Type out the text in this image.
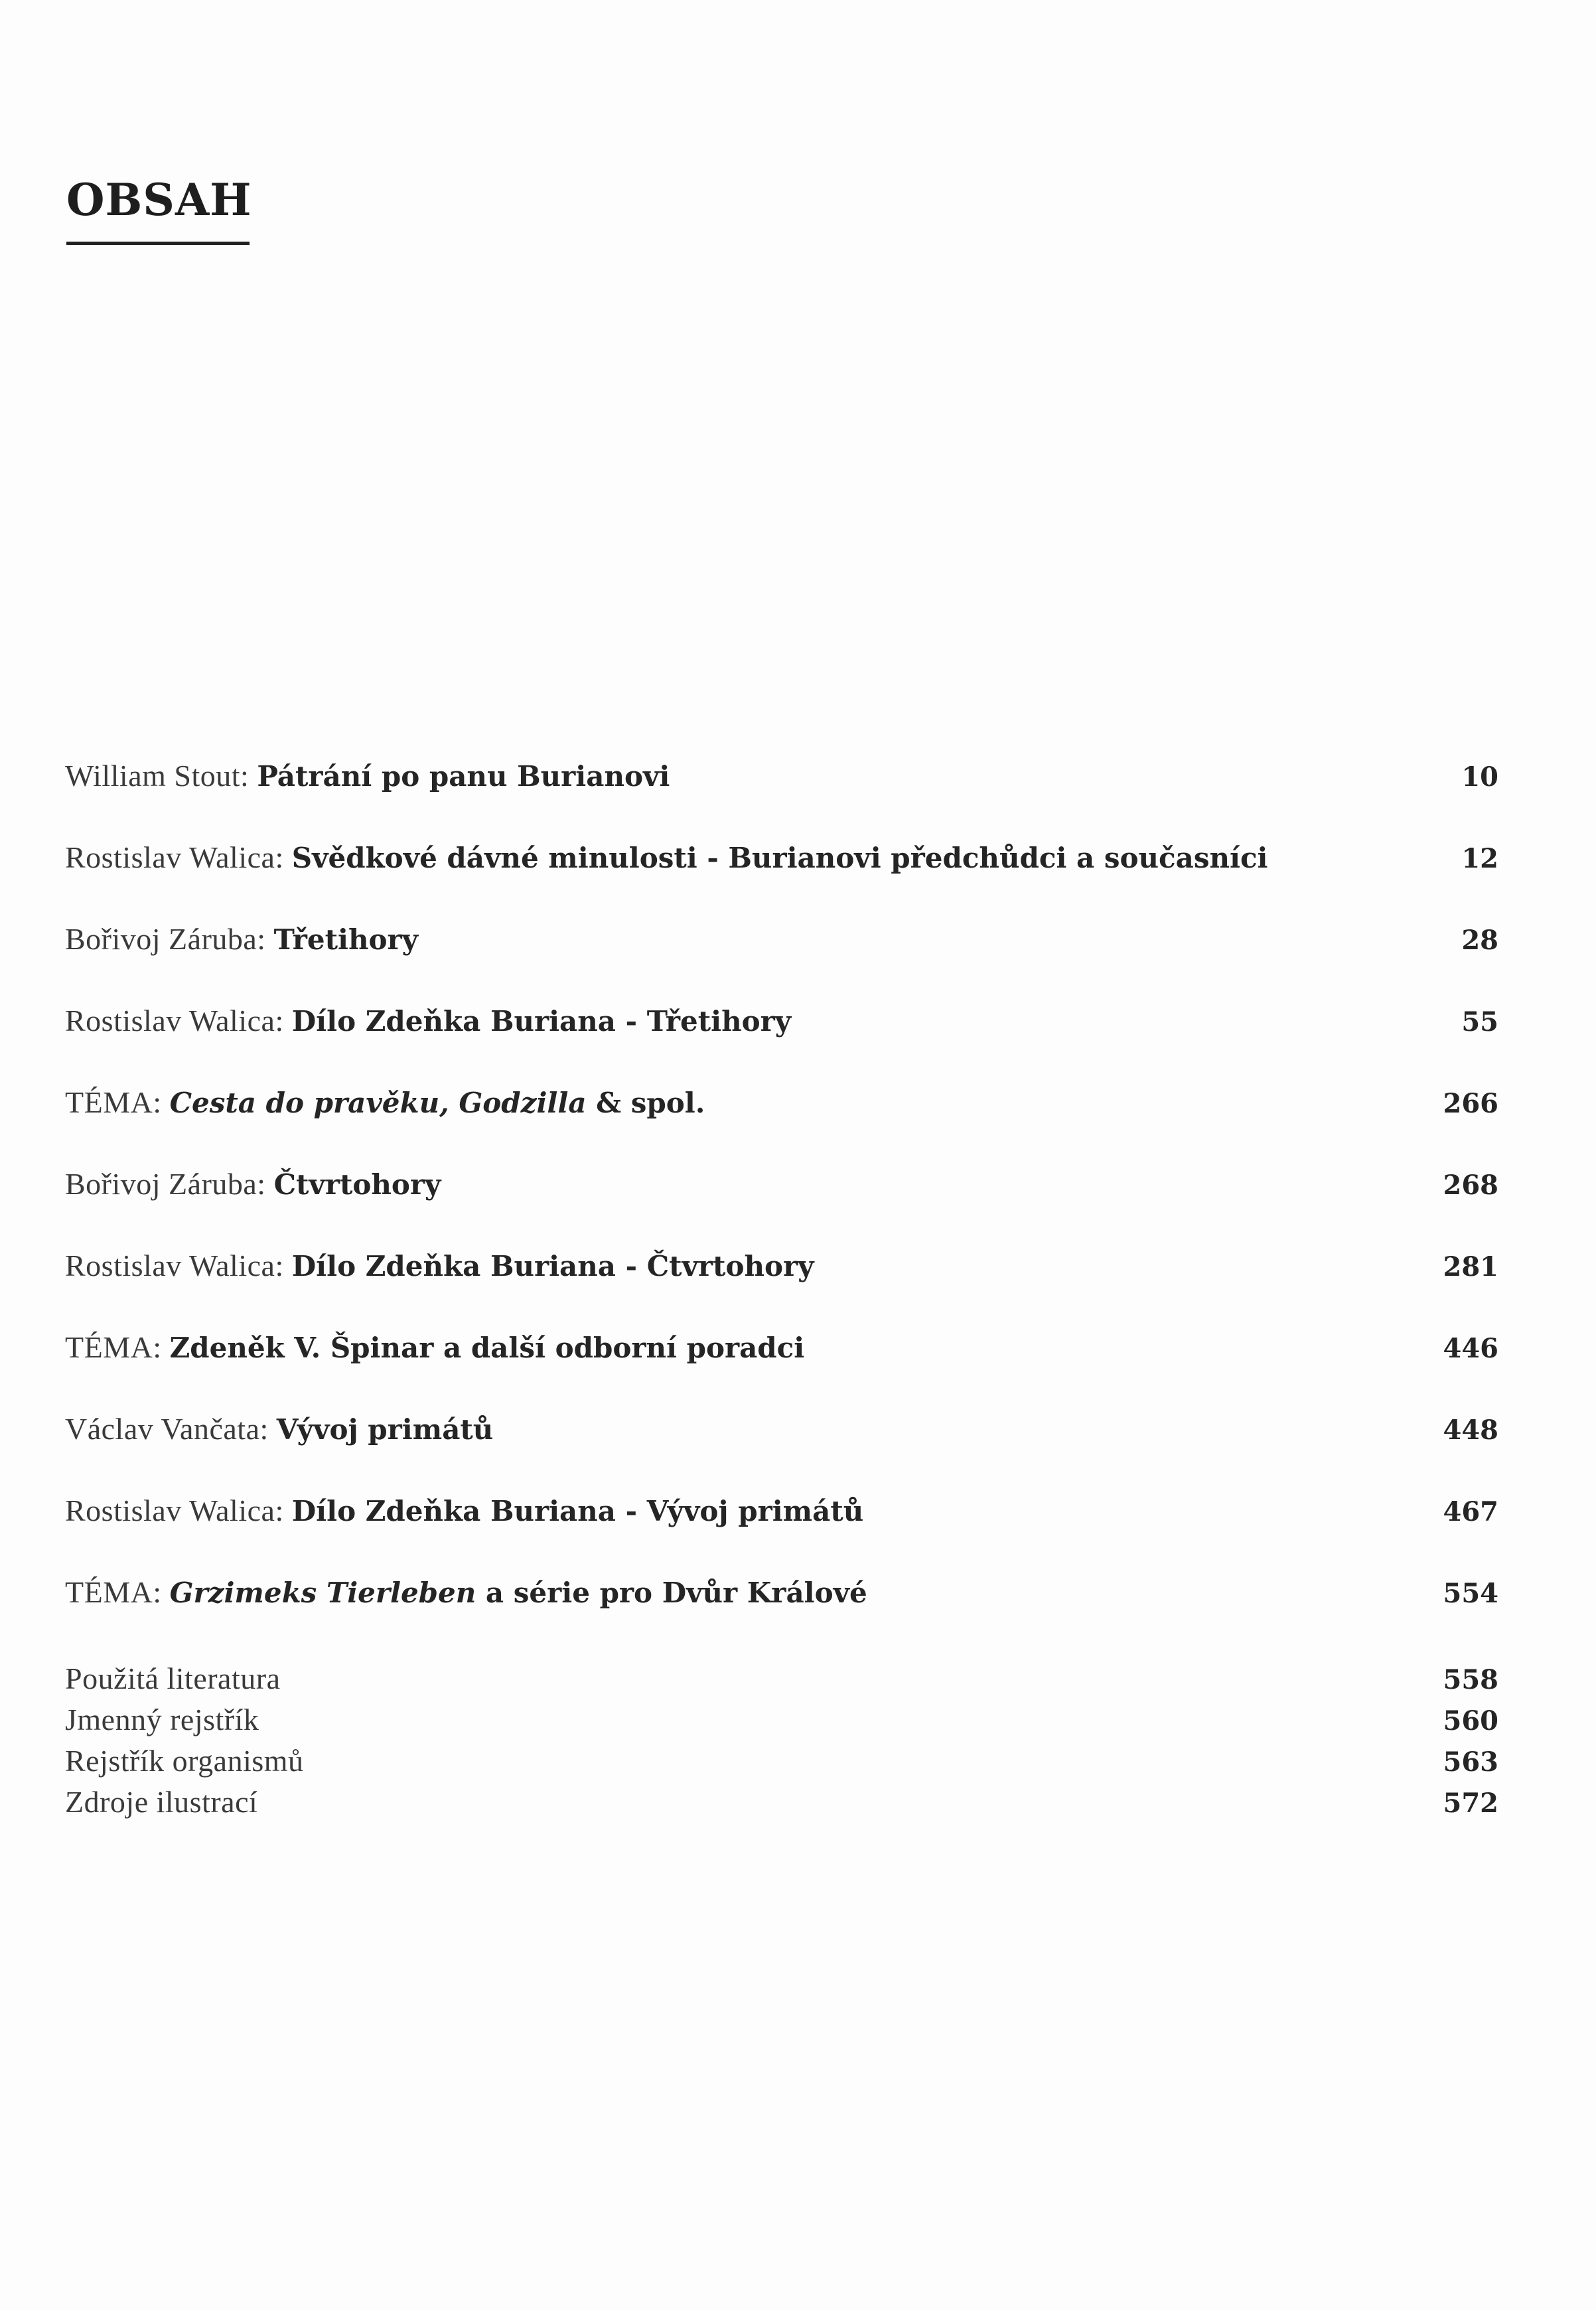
OBSAH
William Stout: Pátrání po panu Burianovi	10
Rostislav Walica: Svědkové dávné minulosti - Burianovi předchůdci a současníci	12
Bořivoj Záruba: Třetihory	28
Rostislav Walica: Dílo Zdeňka Buriana - Třetihory	55
TÉMA: Cesta do pravěku, Godzilla & spol.	266
Bořivoj Záruba: Čtvrtohory	268
Rostislav Walica: Dílo Zdeňka Buriana - Čtvrtohory	281
TÉMA: Zdeněk V. Špinar a další odborní poradci	446
Václav Vančata: Vývoj primátů	448
Rostislav Walica: Dílo Zdeňka Buriana - Vývoj primátů	467
TÉMA: Grzimeks Tierleben a série pro Dvůr Králové	554
Použitá literatura	558
Jmenný rejstřík	560
Rejstřík organismů	563
Zdroje ilustrací	572
